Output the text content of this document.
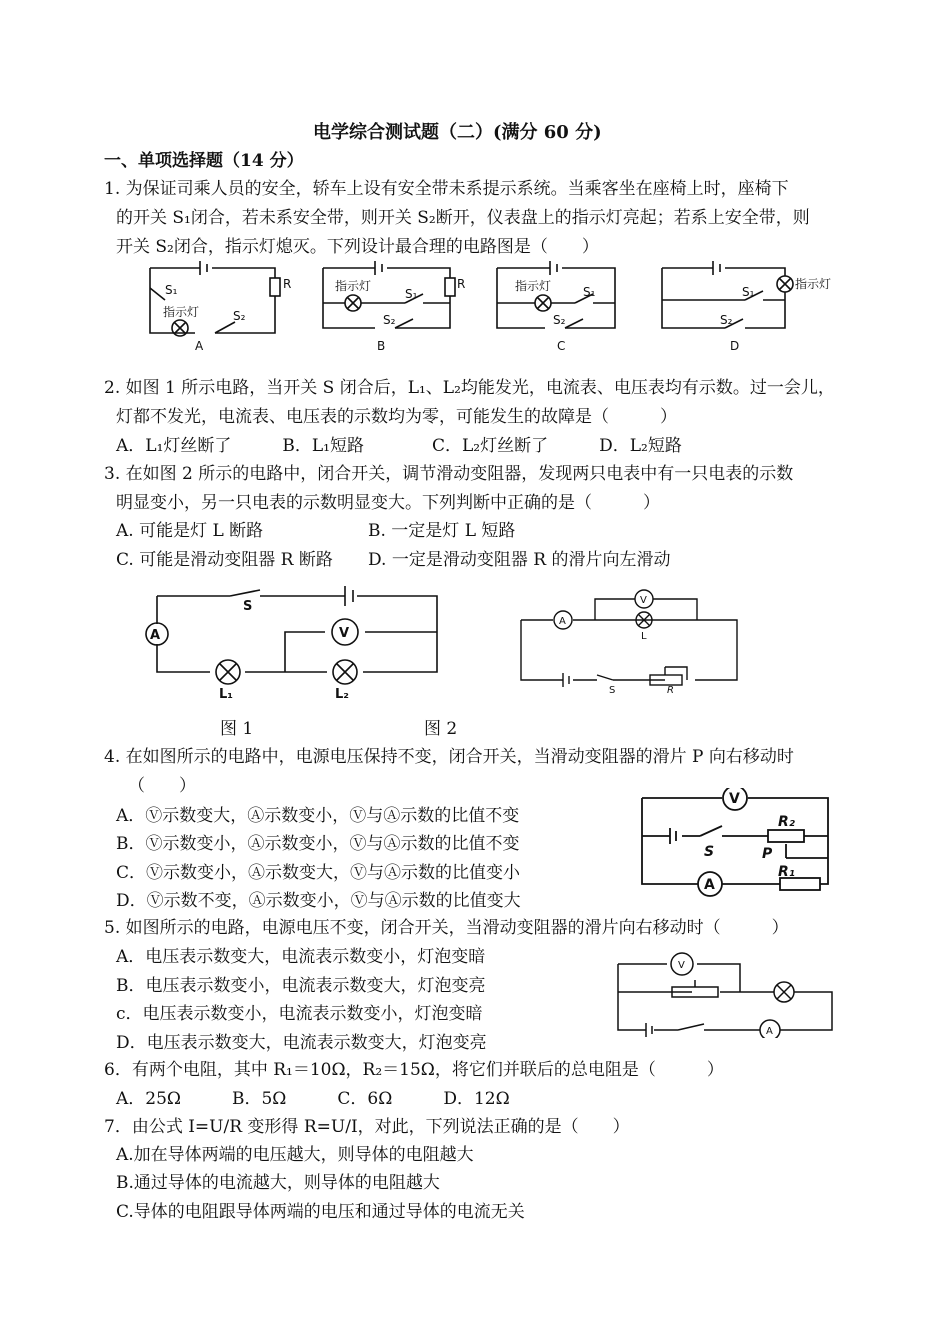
电学综合测试题（二）(满分 60 分)
一、单项选择题（14 分）
1. 为保证司乘人员的安全，轿车上设有安全带未系提示系统。当乘客坐在座椅上时，座椅下
的开关 S₁闭合，若未系安全带，则开关 S₂断开，仪表盘上的指示灯亮起；若系上安全带，则
开关 S₂闭合，指示灯熄灭。下列设计最合理的电路图是（　　）
S₁	R
指示灯	S₂
A
R
指示灯
S₁
S₂
B
指示灯	S₁
S₂
C
指示灯
S₁
S₂
D
2. 如图 1 所示电路，当开关 S 闭合后，L₁、L₂均能发光，电流表、电压表均有示数。过一会儿，
灯都不发光，电流表、电压表的示数均为零，可能发生的故障是（　　　）
A．L₁灯丝断了　　　B．L₁短路　　　　C．L₂灯丝断了　　　D．L₂短路
3. 在如图 2 所示的电路中，闭合开关，调节滑动变阻器，发现两只电表中有一只电表的示数
明显变小，另一只电表的示数明显变大。下列判断中正确的是（　　　）
A. 可能是灯 L 断路	B. 一定是灯 L 短路
C. 可能是滑动变阻器 R 断路 D. 一定是滑动变阻器 R 的滑片向左滑动
A	V
S
L₁	L₂
A
V
L
S	R
图 1	图 2
4. 在如图所示的电路中，电源电压保持不变，闭合开关，当滑动变阻器的滑片 P 向右移动时
（　　）
A．Ⓥ示数变大，Ⓐ示数变小，Ⓥ与Ⓐ示数的比值不变
B．Ⓥ示数变小，Ⓐ示数变小，Ⓥ与Ⓐ示数的比值不变
C．Ⓥ示数变小，Ⓐ示数变大，Ⓥ与Ⓐ示数的比值变小
D．Ⓥ示数不变，Ⓐ示数变小，Ⓥ与Ⓐ示数的比值变大
V
A
S	P
R₂
R₁
5. 如图所示的电路，电源电压不变，闭合开关，当滑动变阻器的滑片向右移动时（　　　）
A．电压表示数变大，电流表示数变小，灯泡变暗
B．电压表示数变小，电流表示数变大，灯泡变亮
c．电压表示数变小，电流表示数变小，灯泡变暗
D．电压表示数变大，电流表示数变大，灯泡变亮
V
A
6．有两个电阻，其中 R₁＝10Ω，R₂＝15Ω，将它们并联后的总电阻是（　　　）
A．25Ω　　　B．5Ω　　　C．6Ω　　　D．12Ω
7．由公式 I=U/R 变形得 R=U/I，对此，下列说法正确的是（　　）
A.加在导体两端的电压越大，则导体的电阻越大
B.通过导体的电流越大，则导体的电阻越大
C.导体的电阻跟导体两端的电压和通过导体的电流无关
